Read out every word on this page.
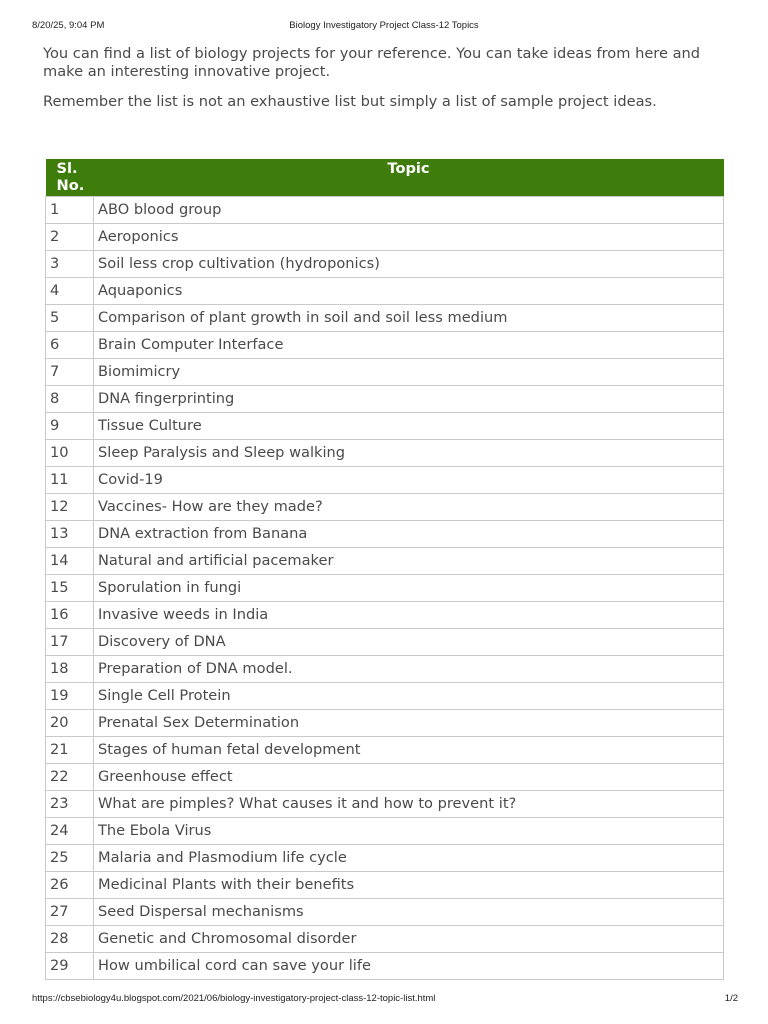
8/20/25, 9:04 PM	Biology Investigatory Project Class-12 Topics

You can find a list of biology projects for your reference. You can take ideas from here and make an interesting innovative project.

Remember the list is not an exhaustive list but simply a list of sample project ideas.

Sl. No.	Topic
1	ABO blood group
2	Aeroponics
3	Soil less crop cultivation (hydroponics)
4	Aquaponics
5	Comparison of plant growth in soil and soil less medium
6	Brain Computer Interface
7	Biomimicry
8	DNA fingerprinting
9	Tissue Culture
10	Sleep Paralysis and Sleep walking
11	Covid-19
12	Vaccines- How are they made?
13	DNA extraction from Banana
14	Natural and artificial pacemaker
15	Sporulation in fungi
16	Invasive weeds in India
17	Discovery of DNA
18	Preparation of DNA model.
19	Single Cell Protein
20	Prenatal Sex Determination
21	Stages of human fetal development
22	Greenhouse effect
23	What are pimples? What causes it and how to prevent it?
24	The Ebola Virus
25	Malaria and Plasmodium life cycle
26	Medicinal Plants with their benefits
27	Seed Dispersal mechanisms
28	Genetic and Chromosomal disorder
29	How umbilical cord can save your life
https://cbsebiology4u.blogspot.com/2021/06/biology-investigatory-project-class-12-topic-list.html	1/2
